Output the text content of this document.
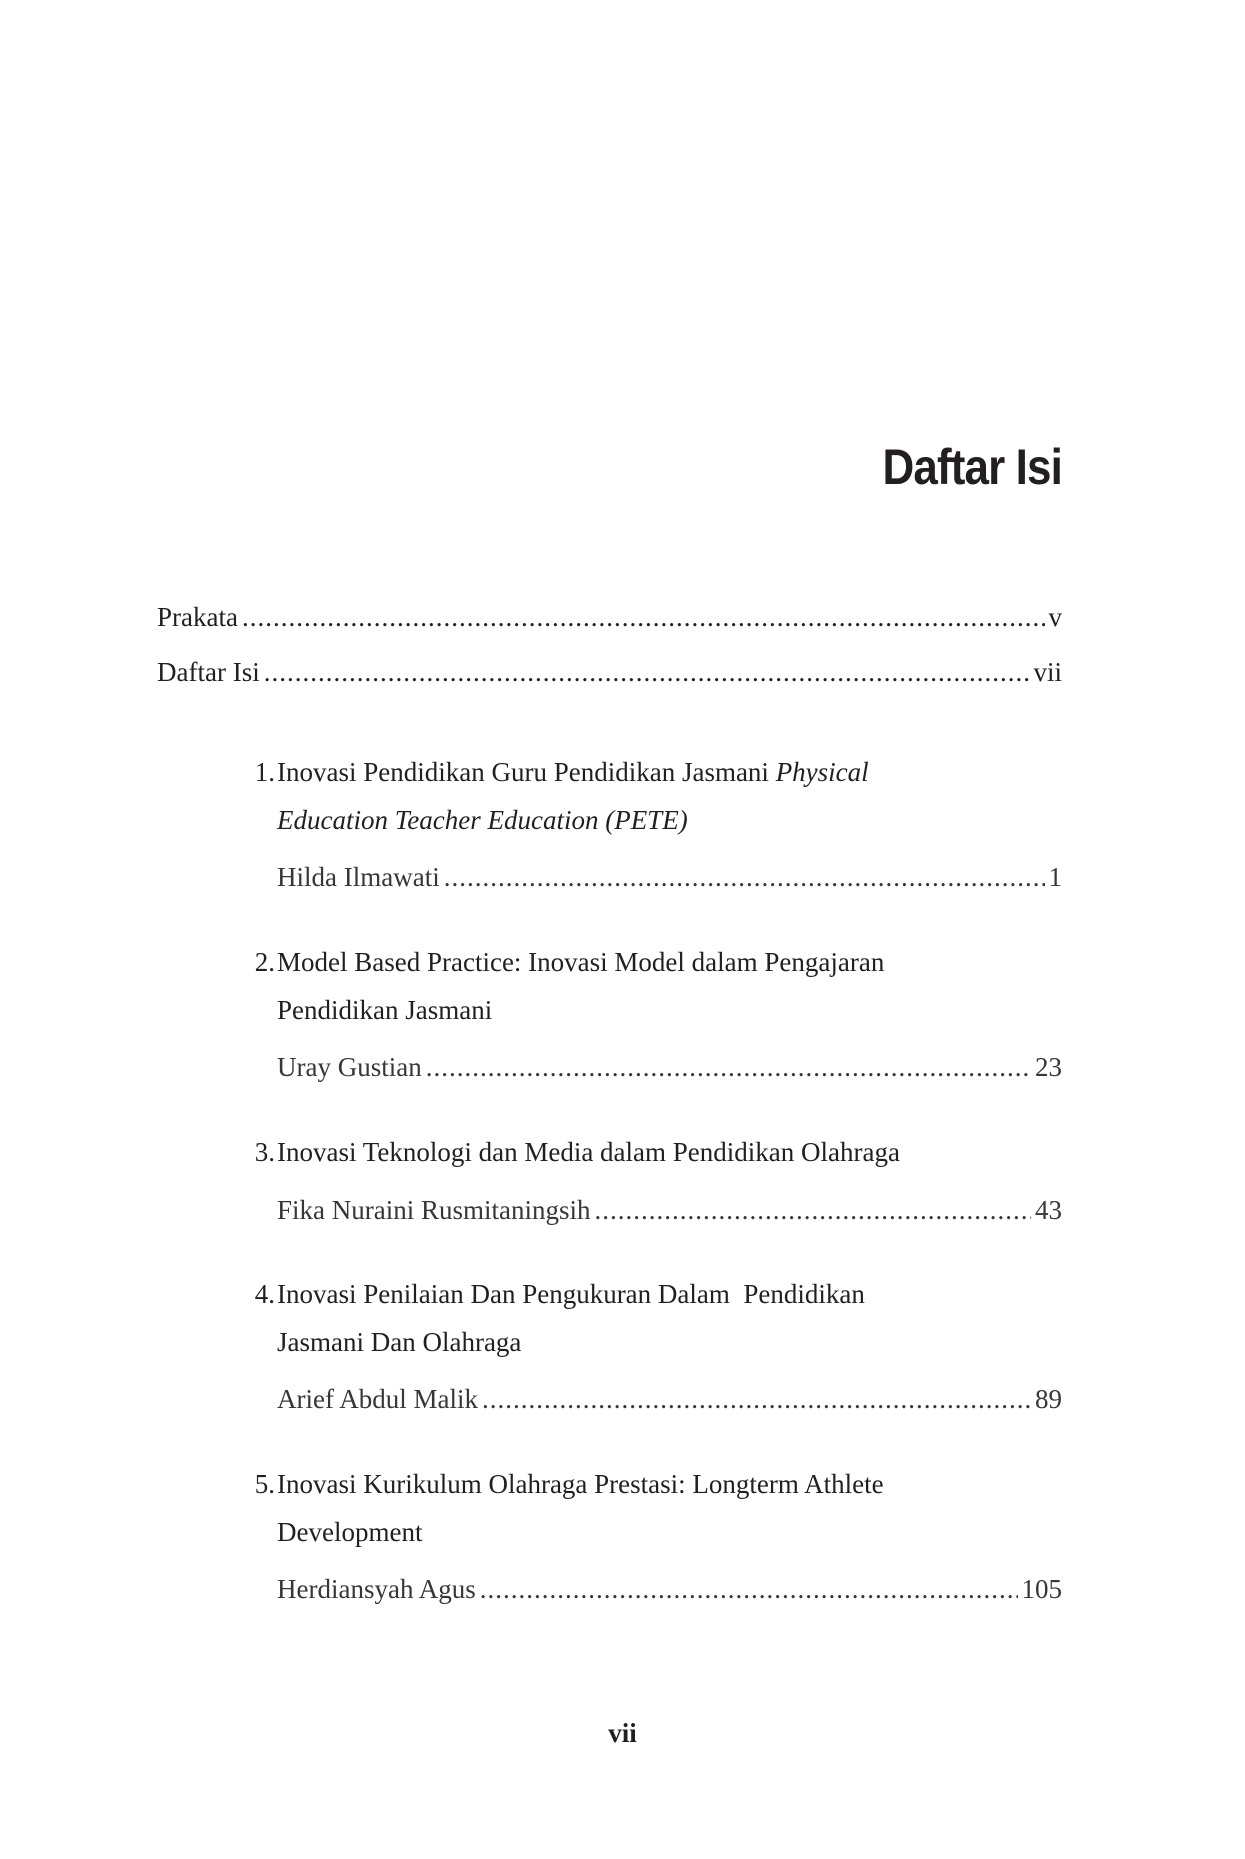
Daftar Isi
Prakata .....	v
Daftar Isi .....	vii
1. Inovasi Pendidikan Guru Pendidikan Jasmani Physical
Education Teacher Education (PETE)
Hilda Ilmawati .....	1
2. Model Based Practice: Inovasi Model dalam Pengajaran
Pendidikan Jasmani
Uray Gustian .....	23
3. Inovasi Teknologi dan Media dalam Pendidikan Olahraga
Fika Nuraini Rusmitaningsih .....	43
4. Inovasi Penilaian Dan Pengukuran Dalam  Pendidikan
Jasmani Dan Olahraga
Arief Abdul Malik .....	89
5. Inovasi Kurikulum Olahraga Prestasi: Longterm Athlete
Development
Herdiansyah Agus .....	105
vii
